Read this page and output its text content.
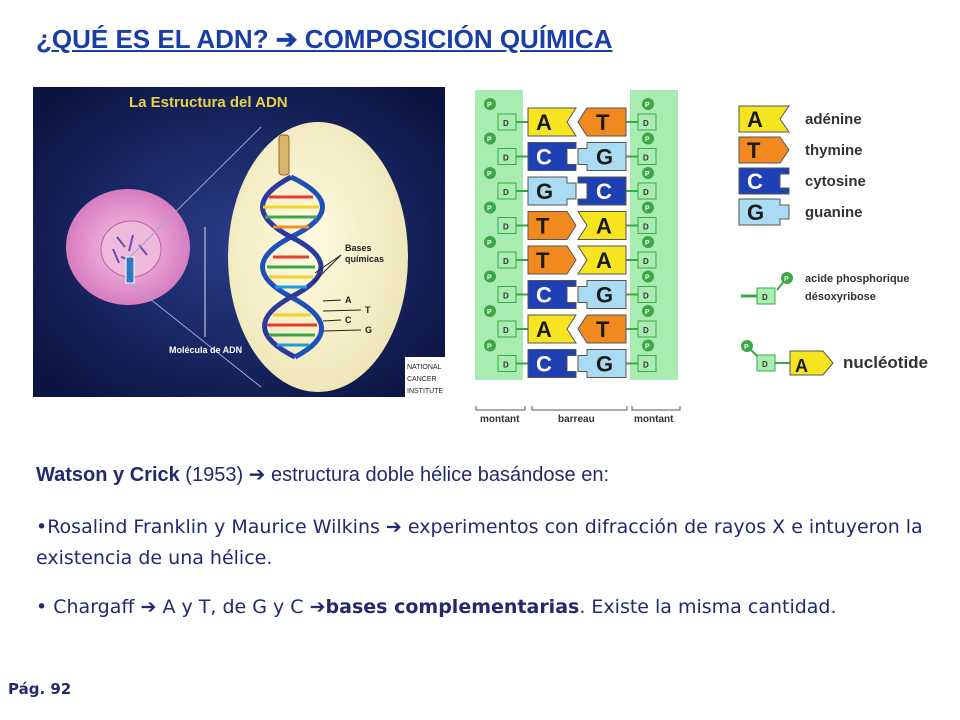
¿QUÉ ES EL ADN? ➔ COMPOSICIÓN QUÍMICA
La Estructura del ADN
Bases
químicas
A
T
C
G
Molécula de ADN
NATIONAL
CANCER
INSTITUTE
P	P
D	D
A T
P	P
D	D
C G
P	P
D	D
G C
P	P
D	D
T A
P	P
D	D
T A
P	P
D	D
C G
P	P
D	D
A T
P	P
D	D
C G
montant	barreau	montant
A	adénine
T	thymine
C	cytosine
G	guanine
P
D
acide phosphorique
désoxyribose
P
D A nucléotide
Watson y Crick (1953) ➔ estructura doble hélice basándose en:
•Rosalind Franklin y Maurice Wilkins ➔ experimentos con difracción de rayos X e intuyeron la existencia de una hélice.
• Chargaff ➔ A y T, de G y C ➔bases complementarias. Existe la misma cantidad.
Pág. 92
